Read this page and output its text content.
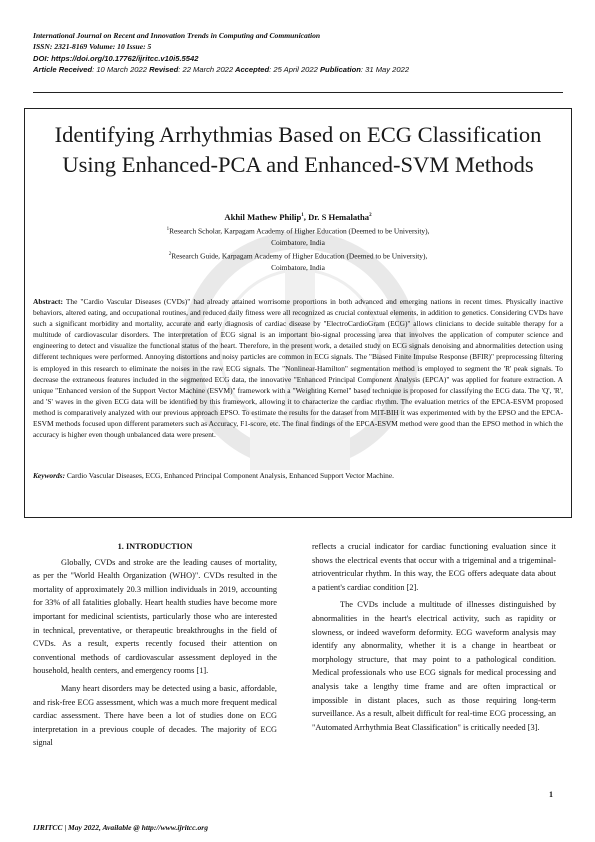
International Journal on Recent and Innovation Trends in Computing and Communication
ISSN: 2321-8169 Volume: 10 Issue: 5
DOI: https://doi.org/10.17762/ijritcc.v10i5.5542
Article Received: 10 March 2022 Revised: 22 March 2022 Accepted: 25 April 2022 Publication: 31 May 2022
Identifying Arrhythmias Based on ECG Classification Using Enhanced-PCA and Enhanced-SVM Methods
Akhil Mathew Philip$^1$, Dr. S Hemalatha$^2$
$^1$Research Scholar, Karpagam Academy of Higher Education (Deemed to be University),
Coimbatore, India
$^2$Research Guide, Karpagam Academy of Higher Education (Deemed to be University),
Coimbatore, India
Abstract: The "Cardio Vascular Diseases (CVDs)" had already attained worrisome proportions in both advanced and emerging nations in recent times. Physically inactive behaviors, altered eating, and occupational routines, and reduced daily fitness were all recognized as crucial contextual elements, in addition to genetics. Considering CVDs have such a significant morbidity and mortality, accurate and early diagnosis of cardiac disease by "ElectroCardioGram (ECG)" allows clinicians to decide suitable therapy for a multitude of cardiovascular disorders. The interpretation of ECG signal is an important bio-signal processing area that involves the application of computer science and engineering to detect and visualize the functional status of the heart. Therefore, in the present work, a detailed study on ECG signals denoising and abnormalities detection using different techniques were performed. Annoying distortions and noisy particles are common in ECG signals. The "Biased Finite Impulse Response (BFIR)" preprocessing filtering is employed in this research to eliminate the noises in the raw ECG signals. The "Nonlinear-Hamilton" segmentation method is employed to segment the 'R' peak signals. To decrease the extraneous features included in the segmented ECG data, the innovative "Enhanced Principal Component Analysis (EPCA)" was applied for feature extraction. A unique "Enhanced version of the Support Vector Machine (ESVM)" framework with a "Weighting Kernel" based technique is proposed for classifying the ECG data. The 'Q', 'R', and 'S' waves in the given ECG data will be identified by this framework, allowing it to characterize the cardiac rhythm. The evaluation metrics of the EPCA-ESVM proposed method is comparatively analyzed with our previous approach EPSO. To estimate the results for the dataset from MIT-BIH it was experimented with by the EPSO and the EPCA-ESVM methods focused upon different parameters such as Accuracy, F1-score, etc. The final findings of the EPCA-ESVM method were good than the EPSO method in which the accuracy is higher even though unbalanced data were present.
Keywords: Cardio Vascular Diseases, ECG, Enhanced Principal Component Analysis, Enhanced Support Vector Machine.
1. INTRODUCTION

Globally, CVDs and stroke are the leading causes of mortality, as per the "World Health Organization (WHO)". CVDs resulted in the mortality of approximately 20.3 million individuals in 2019, accounting for 33% of all fatalities globally. Heart health studies have become more important for medicinal scientists, particularly those who are interested in technical, preventative, or therapeutic breakthroughs in the field of CVDs. As a result, experts recently focused their attention on conventional methods of cardiovascular assessment deployed in the household, health centers, and emergency rooms [1].

Many heart disorders may be detected using a basic, affordable, and risk-free ECG assessment, which was a much more frequent medical cardiac assessment. There have been a lot of studies done on ECG interpretation in a previous couple of decades. The majority of ECG signal

reflects a crucial indicator for cardiac functioning evaluation since it shows the electrical events that occur with a trigeminal and a trigeminal-atrioventricular rhythm. In this way, the ECG offers adequate data about a patient's cardiac condition [2].

The CVDs include a multitude of illnesses distinguished by abnormalities in the heart's electrical activity, such as rapidity or slowness, or indeed waveform deformity. ECG waveform analysis may identify any abnormality, whether it is a change in heartbeat or morphology structure, that may point to a pathological condition. Medical professionals who use ECG signals for medical processing and analysis take a lengthy time frame and are often impractical or impossible in distant places, such as those requiring long-term surveillance. As a result, albeit difficult for real-time ECG processing, an "Automated Arrhythmia Beat Classification" is critically needed [3].

1
IJRITCC | May 2022, Available @ http://www.ijritcc.org
